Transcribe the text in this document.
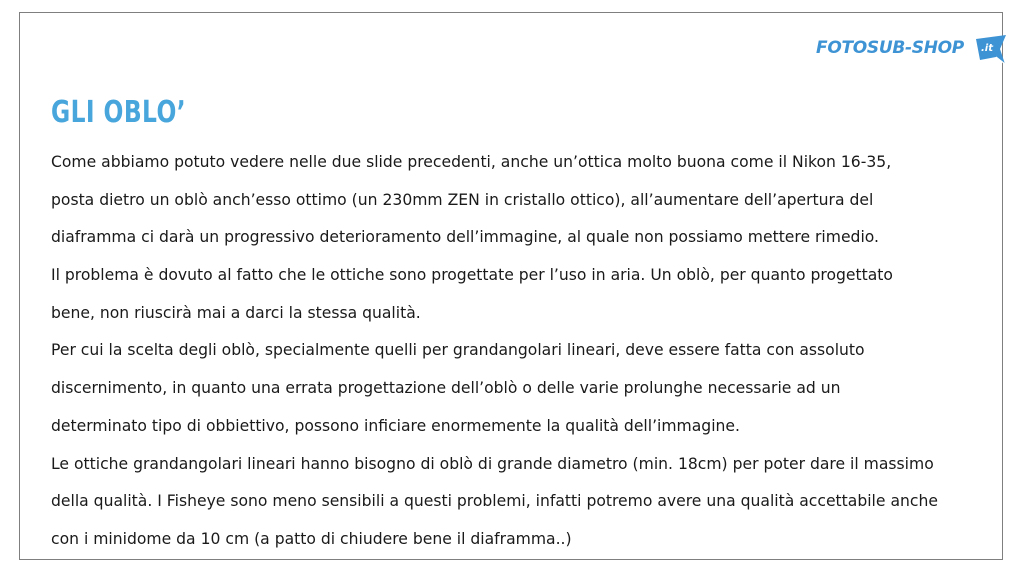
FOTOSUB-SHOP .it
GLI OBLO’
Come abbiamo potuto vedere nelle due slide precedenti, anche un’ottica molto buona come il Nikon 16-35,
posta dietro un oblò anch’esso ottimo (un 230mm ZEN in cristallo ottico), all’aumentare dell’apertura del
diaframma ci darà un progressivo deterioramento dell’immagine, al quale non possiamo mettere rimedio.
Il problema è dovuto al fatto che le ottiche sono progettate per l’uso in aria. Un oblò, per quanto progettato
bene, non riuscirà mai a darci la stessa qualità.
Per cui la scelta degli oblò, specialmente quelli per grandangolari lineari, deve essere fatta con assoluto
discernimento, in quanto una errata progettazione dell’oblò o delle varie prolunghe necessarie ad un
determinato tipo di obbiettivo, possono inficiare enormemente la qualità dell’immagine.
Le ottiche grandangolari lineari hanno bisogno di oblò di grande diametro (min. 18cm) per poter dare il massimo
della qualità. I Fisheye sono meno sensibili a questi problemi, infatti potremo avere una qualità accettabile anche
con i minidome da 10 cm (a patto di chiudere bene il diaframma..)
